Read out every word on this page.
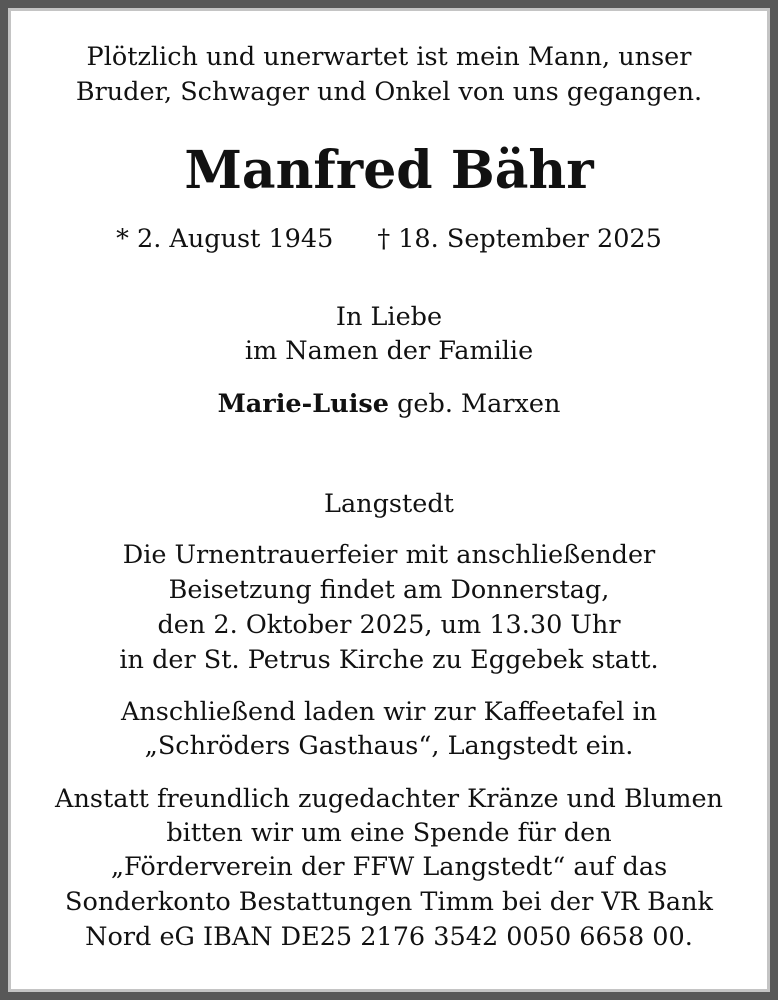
Plötzlich und unerwartet ist mein Mann, unser
Bruder, Schwager und Onkel von uns gegangen.
Manfred Bähr
* 2. August 1945 † 18. September 2025
In Liebe
im Namen der Familie
Marie-Luise geb. Marxen
Langstedt
Die Urnentrauerfeier mit anschließender
Beisetzung findet am Donnerstag,
den 2. Oktober 2025, um 13.30 Uhr
in der St. Petrus Kirche zu Eggebek statt.
Anschließend laden wir zur Kaffeetafel in
„Schröders Gasthaus“, Langstedt ein.
Anstatt freundlich zugedachter Kränze und Blumen
bitten wir um eine Spende für den
„Förderverein der FFW Langstedt“ auf das
Sonderkonto Bestattungen Timm bei der VR Bank
Nord eG IBAN DE25 2176 3542 0050 6658 00.
